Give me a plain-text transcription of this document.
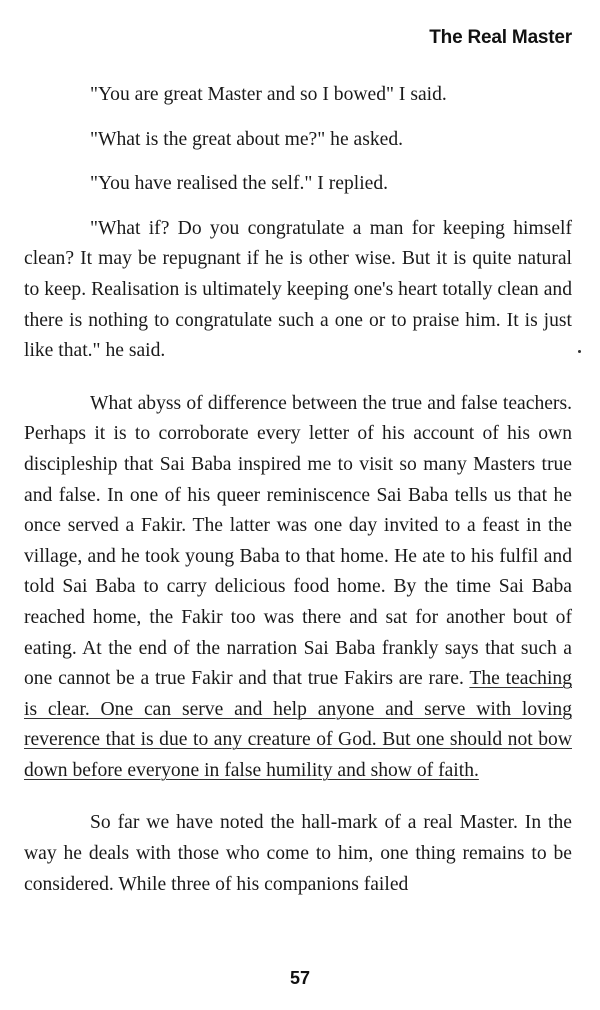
The Real Master

"You are great Master and so I bowed" I said.

"What is the great about me?" he asked.

"You have realised the self." I replied.

"What if? Do you congratulate a man for keeping himself clean? It may be repugnant if he is other wise. But it is quite natural to keep. Realisation is ultimately keeping one's heart totally clean and there is nothing to congratulate such a one or to praise him. It is just like that." he said.

What abyss of difference between the true and false teachers. Perhaps it is to corroborate every letter of his account of his own discipleship that Sai Baba inspired me to visit so many Masters true and false. In one of his queer reminiscence Sai Baba tells us that he once served a Fakir. The latter was one day invited to a feast in the village, and he took young Baba to that home. He ate to his fulfil and told Sai Baba to carry delicious food home. By the time Sai Baba reached home, the Fakir too was there and sat for another bout of eating. At the end of the narration Sai Baba frankly says that such a one cannot be a true Fakir and that true Fakirs are rare. The teaching is clear. One can serve and help anyone and serve with loving reverence that is due to any creature of God. But one should not bow down before everyone in false humility and show of faith.

So far we have noted the hall-mark of a real Master. In the way he deals with those who come to him, one thing remains to be considered. While three of his companions failed

57
